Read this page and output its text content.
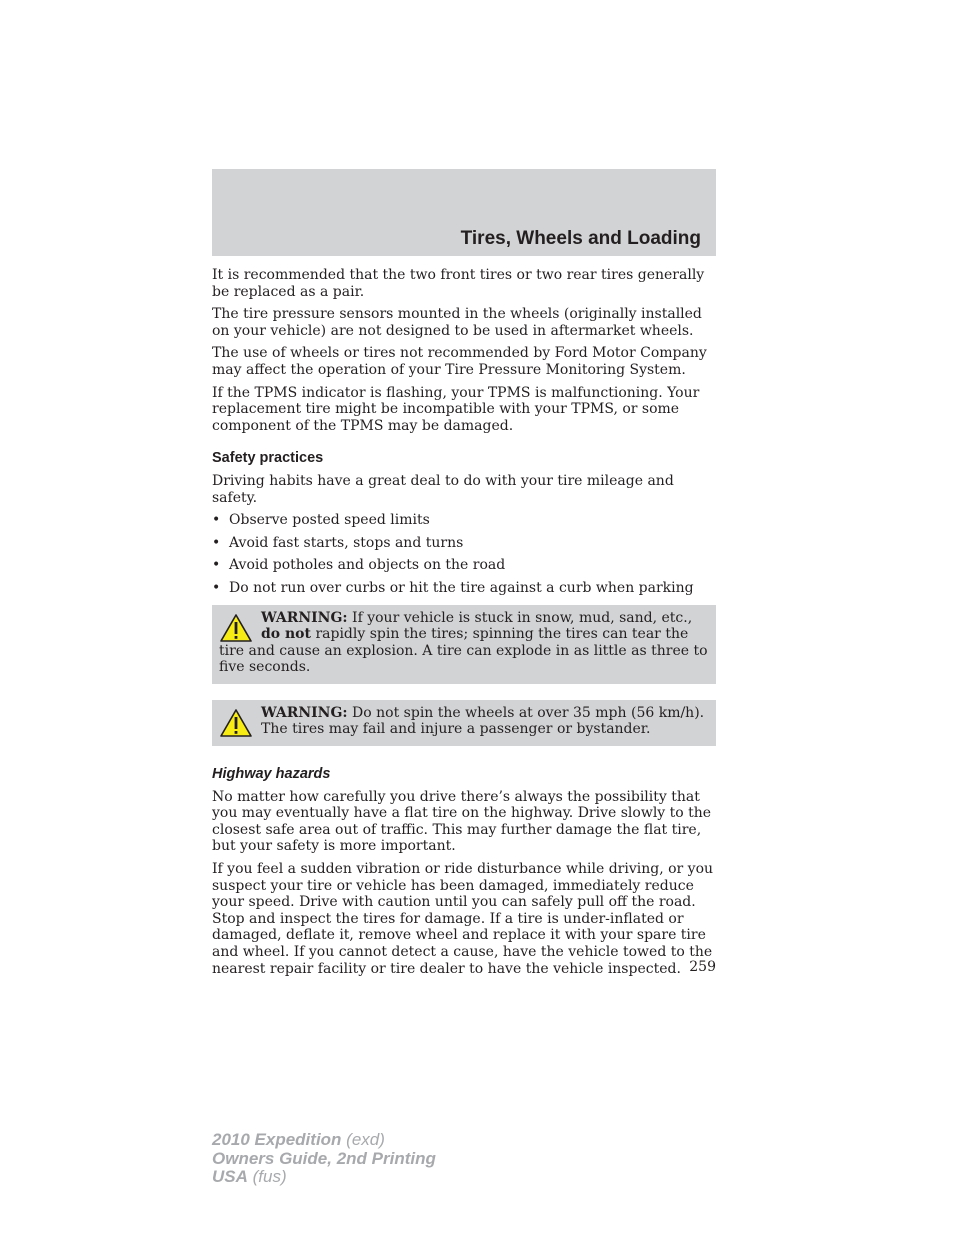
Tires, Wheels and Loading

It is recommended that the two front tires or two rear tires generally be replaced as a pair.

The tire pressure sensors mounted in the wheels (originally installed on your vehicle) are not designed to be used in aftermarket wheels.

The use of wheels or tires not recommended by Ford Motor Company may affect the operation of your Tire Pressure Monitoring System.

If the TPMS indicator is flashing, your TPMS is malfunctioning. Your replacement tire might be incompatible with your TPMS, or some component of the TPMS may be damaged.

Safety practices

Driving habits have a great deal to do with your tire mileage and safety.

• Observe posted speed limits
• Avoid fast starts, stops and turns
• Avoid potholes and objects on the road
• Do not run over curbs or hit the tire against a curb when parking
WARNING: If your vehicle is stuck in snow, mud, sand, etc., do not rapidly spin the tires; spinning the tires can tear the tire and cause an explosion. A tire can explode in as little as three to five seconds.
WARNING: Do not spin the wheels at over 35 mph (56 km/h). The tires may fail and injure a passenger or bystander.
Highway hazards

No matter how carefully you drive there’s always the possibility that you may eventually have a flat tire on the highway. Drive slowly to the closest safe area out of traffic. This may further damage the flat tire, but your safety is more important.

If you feel a sudden vibration or ride disturbance while driving, or you suspect your tire or vehicle has been damaged, immediately reduce your speed. Drive with caution until you can safely pull off the road. Stop and inspect the tires for damage. If a tire is under-inflated or damaged, deflate it, remove wheel and replace it with your spare tire and wheel. If you cannot detect a cause, have the vehicle towed to the nearest repair facility or tire dealer to have the vehicle inspected. 259
2010 Expedition (exd)
Owners Guide, 2nd Printing
USA (fus)
